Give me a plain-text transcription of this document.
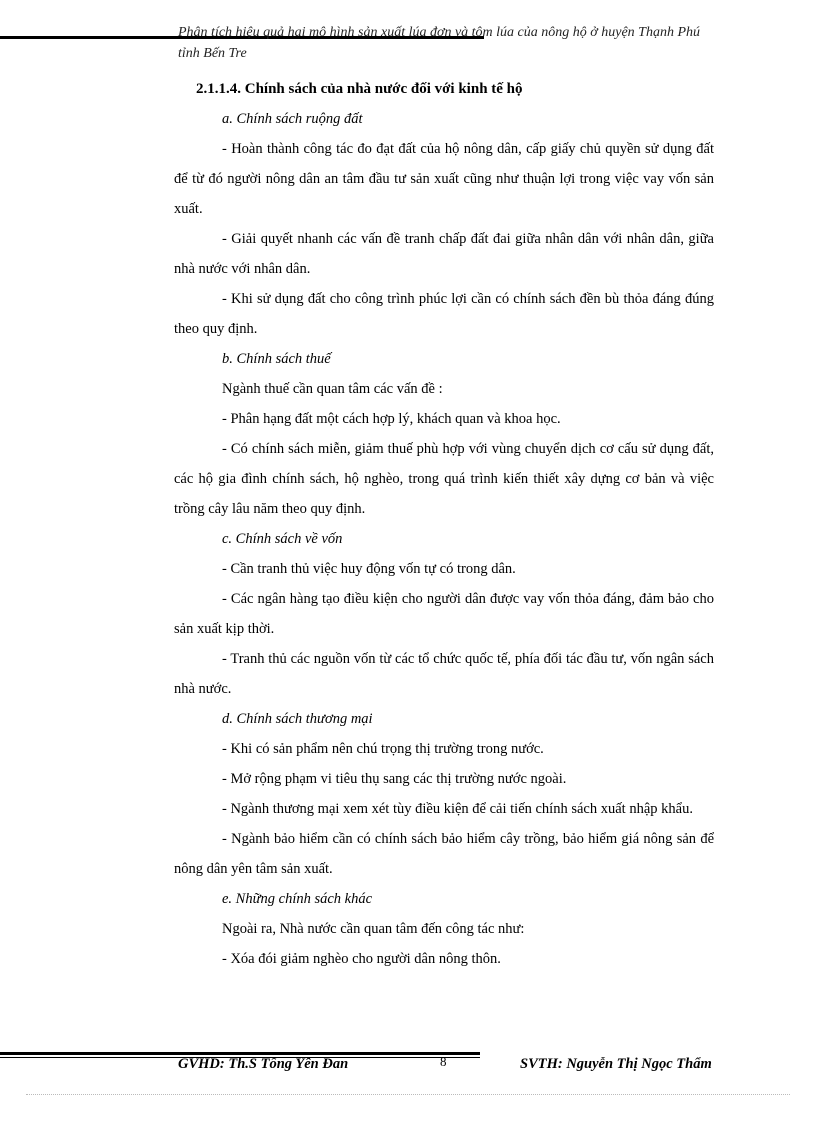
Phân tích hiệu quả hai mô hình sản xuất lúa đơn và tôm lúa của nông hộ ở huyện Thạnh Phú tỉnh Bến Tre

2.1.1.4. Chính sách của nhà nước đối với kinh tế hộ

a. Chính sách ruộng đất

- Hoàn thành công tác đo đạt đất của hộ nông dân, cấp giấy chủ quyền sử dụng đất để từ đó người nông dân an tâm đầu tư sản xuất cũng như thuận lợi trong việc vay vốn sản xuất.

- Giải quyết nhanh các vấn đề tranh chấp đất đai giữa nhân dân với nhân dân, giữa nhà nước với nhân dân.

- Khi sử dụng đất cho công trình phúc lợi cần có chính sách đền bù thỏa đáng đúng theo quy định.

b. Chính sách thuế

Ngành thuế cần quan tâm các vấn đề :

- Phân hạng đất một cách hợp lý, khách quan và khoa học.

- Có chính sách miễn, giảm thuế phù hợp với vùng chuyển dịch cơ cấu sử dụng đất, các hộ gia đình chính sách, hộ nghèo, trong quá trình kiến thiết xây dựng cơ bản và việc trồng cây lâu năm theo quy định.

c. Chính sách về vốn

- Cần tranh thủ việc huy động vốn tự có trong dân.

- Các ngân hàng tạo điều kiện cho người dân được vay vốn thỏa đáng, đảm bảo cho sản xuất kịp thời.

- Tranh thủ các nguồn vốn từ các tổ chức quốc tế, phía đối tác đầu tư, vốn ngân sách nhà nước.

d. Chính sách thương mại

- Khi có sản phẩm nên chú trọng thị trường trong nước.

- Mở rộng phạm vi tiêu thụ sang các thị trường nước ngoài.

- Ngành thương mại xem xét tùy điều kiện để cải tiến chính sách xuất nhập khẩu.

- Ngành bảo hiểm cần có chính sách bảo hiểm cây trồng, bảo hiểm giá nông sản để nông dân yên tâm sản xuất.

e. Những chính sách khác

Ngoài ra, Nhà nước cần quan tâm đến công tác như:

- Xóa đói giảm nghèo cho người dân nông thôn.

GVHD: Th.S Tống Yên Đan	8	SVTH: Nguyễn Thị Ngọc Thẩm
